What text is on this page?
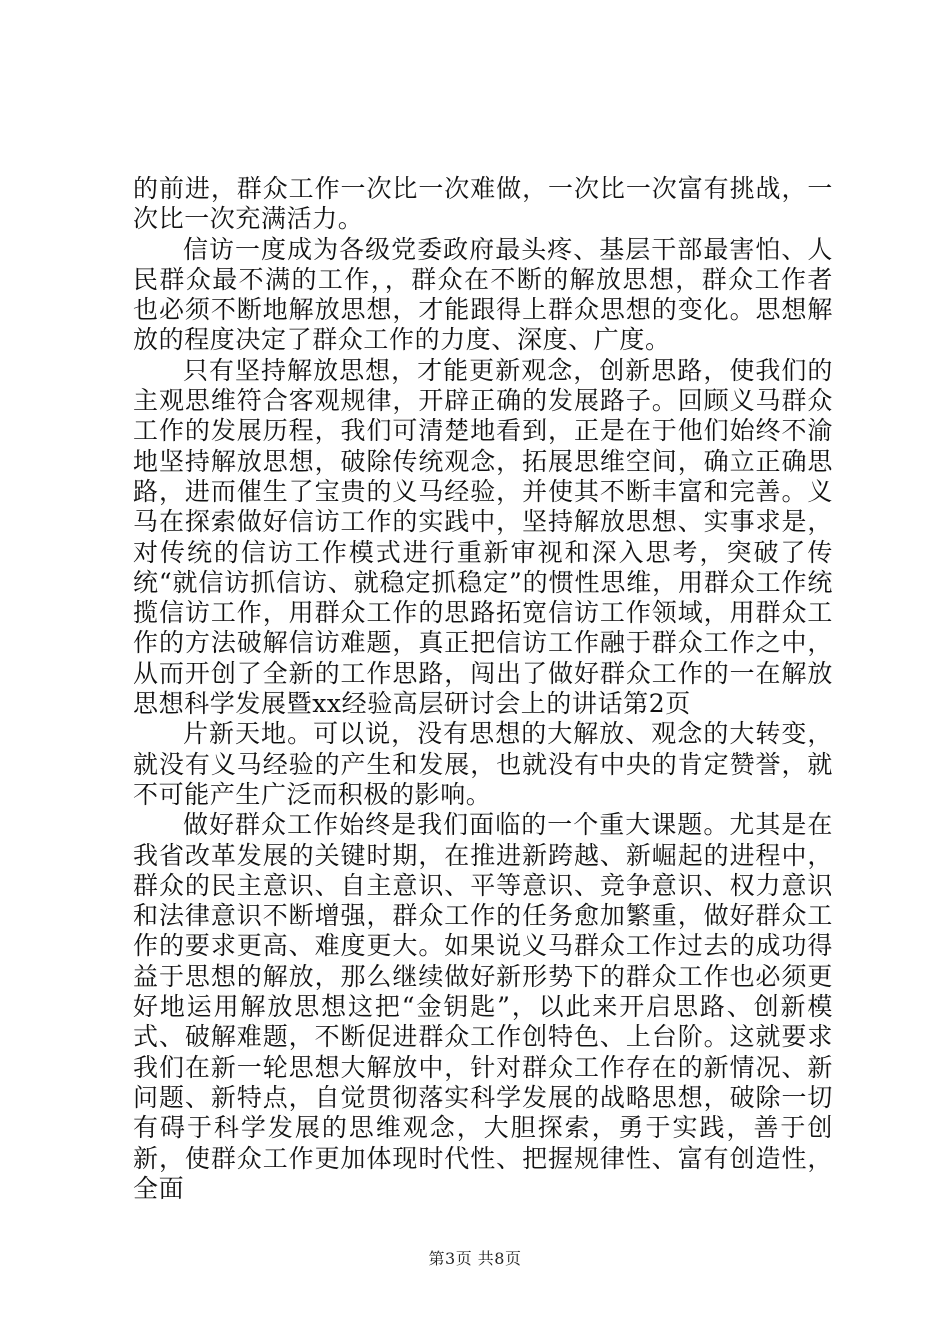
的前进，群众工作一次比一次难做，一次比一次富有挑战，一次比一次充满活力。

信访一度成为各级党委政府最头疼、基层干部最害怕、人民群众最不满的工作，，群众在不断的解放思想，群众工作者也必须不断地解放思想，才能跟得上群众思想的变化。思想解放的程度决定了群众工作的力度、深度、广度。

只有坚持解放思想，才能更新观念，创新思路，使我们的主观思维符合客观规律，开辟正确的发展路子。回顾义马群众工作的发展历程，我们可清楚地看到，正是在于他们始终不渝地坚持解放思想，破除传统观念，拓展思维空间，确立正确思路，进而催生了宝贵的义马经验，并使其不断丰富和完善。义马在探索做好信访工作的实践中，坚持解放思想、实事求是，对传统的信访工作模式进行重新审视和深入思考，突破了传统“就信访抓信访、就稳定抓稳定”的惯性思维，用群众工作统揽信访工作，用群众工作的思路拓宽信访工作领域，用群众工作的方法破解信访难题，真正把信访工作融于群众工作之中，从而开创了全新的工作思路，闯出了做好群众工作的一在解放思想科学发展暨xx经验高层研讨会上的讲话第2页

片新天地。可以说，没有思想的大解放、观念的大转变，就没有义马经验的产生和发展，也就没有中央的肯定赞誉，就不可能产生广泛而积极的影响。

做好群众工作始终是我们面临的一个重大课题。尤其是在我省改革发展的关键时期，在推进新跨越、新崛起的进程中，群众的民主意识、自主意识、平等意识、竞争意识、权力意识和法律意识不断增强，群众工作的任务愈加繁重，做好群众工作的要求更高、难度更大。如果说义马群众工作过去的成功得益于思想的解放，那么继续做好新形势下的群众工作也必须更好地运用解放思想这把“金钥匙”，以此来开启思路、创新模式、破解难题，不断促进群众工作创特色、上台阶。这就要求我们在新一轮思想大解放中，针对群众工作存在的新情况、新问题、新特点，自觉贯彻落实科学发展的战略思想，破除一切有碍于科学发展的思维观念，大胆探索，勇于实践，善于创新，使群众工作更加体现时代性、把握规律性、富有创造性，全面

第3页 共8页
